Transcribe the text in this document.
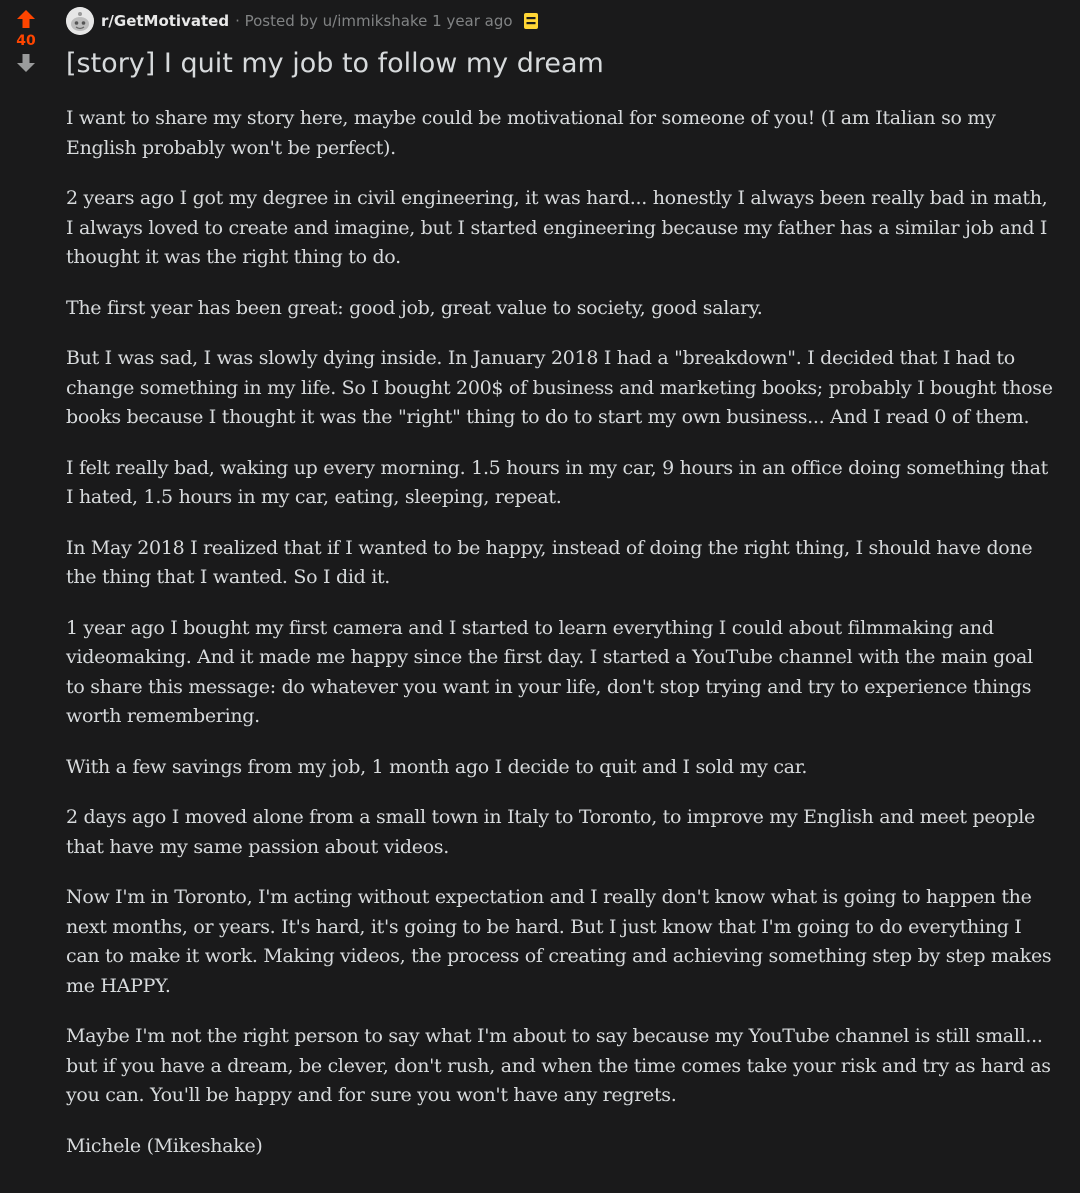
40
r/GetMotivated · Posted by u/immikshake 1 year ago
[story] I quit my job to follow my dream

I want to share my story here, maybe could be motivational for someone of you! (I am Italian so my English probably won't be perfect).

2 years ago I got my degree in civil engineering, it was hard... honestly I always been really bad in math, I always loved to create and imagine, but I started engineering because my father has a similar job and I thought it was the right thing to do.

The first year has been great: good job, great value to society, good salary.

But I was sad, I was slowly dying inside. In January 2018 I had a "breakdown". I decided that I had to change something in my life. So I bought 200$ of business and marketing books; probably I bought those books because I thought it was the "right" thing to do to start my own business... And I read 0 of them.

I felt really bad, waking up every morning. 1.5 hours in my car, 9 hours in an office doing something that I hated, 1.5 hours in my car, eating, sleeping, repeat.

In May 2018 I realized that if I wanted to be happy, instead of doing the right thing, I should have done the thing that I wanted. So I did it.

1 year ago I bought my first camera and I started to learn everything I could about filmmaking and videomaking. And it made me happy since the first day. I started a YouTube channel with the main goal to share this message: do whatever you want in your life, don't stop trying and try to experience things worth remembering.

With a few savings from my job, 1 month ago I decide to quit and I sold my car.

2 days ago I moved alone from a small town in Italy to Toronto, to improve my English and meet people that have my same passion about videos.

Now I'm in Toronto, I'm acting without expectation and I really don't know what is going to happen the next months, or years. It's hard, it's going to be hard. But I just know that I'm going to do everything I can to make it work. Making videos, the process of creating and achieving something step by step makes me HAPPY.

Maybe I'm not the right person to say what I'm about to say because my YouTube channel is still small... but if you have a dream, be clever, don't rush, and when the time comes take your risk and try as hard as you can. You'll be happy and for sure you won't have any regrets.

Michele (Mikeshake)
